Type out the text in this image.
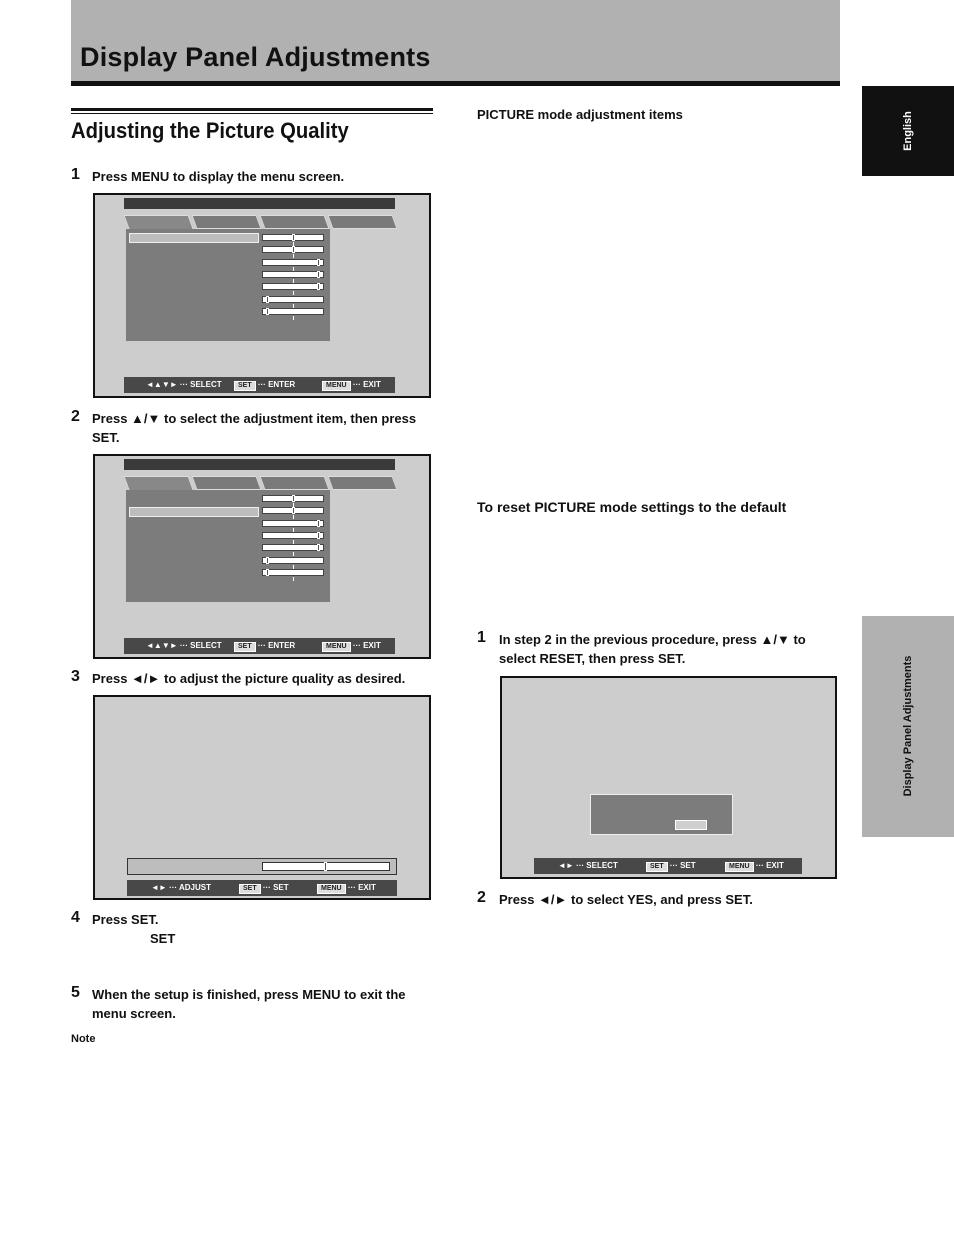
Display Panel Adjustments
English
Display Panel Adjustments
Adjusting the Picture Quality
1 Press MENU to display the menu screen.
◄▲▼► ··· SELECT	SET ··· ENTER	MENU ··· EXIT
2 Press ▲/▼ to select the adjustment item, then press SET.
◄▲▼► ··· SELECT	SET ··· ENTER	MENU ··· EXIT
3 Press ◄/► to adjust the picture quality as desired.
◄► ··· ADJUST	SET ··· SET	MENU ··· EXIT
4 Press SET.
SET
5 When the setup is finished, press MENU to exit the menu screen.
Note
PICTURE mode adjustment items
To reset PICTURE mode settings to the default
1 In step 2 in the previous procedure, press ▲/▼ to select RESET, then press SET.
◄► ··· SELECT	SET ··· SET	MENU ··· EXIT
2 Press ◄/► to select YES, and press SET.
